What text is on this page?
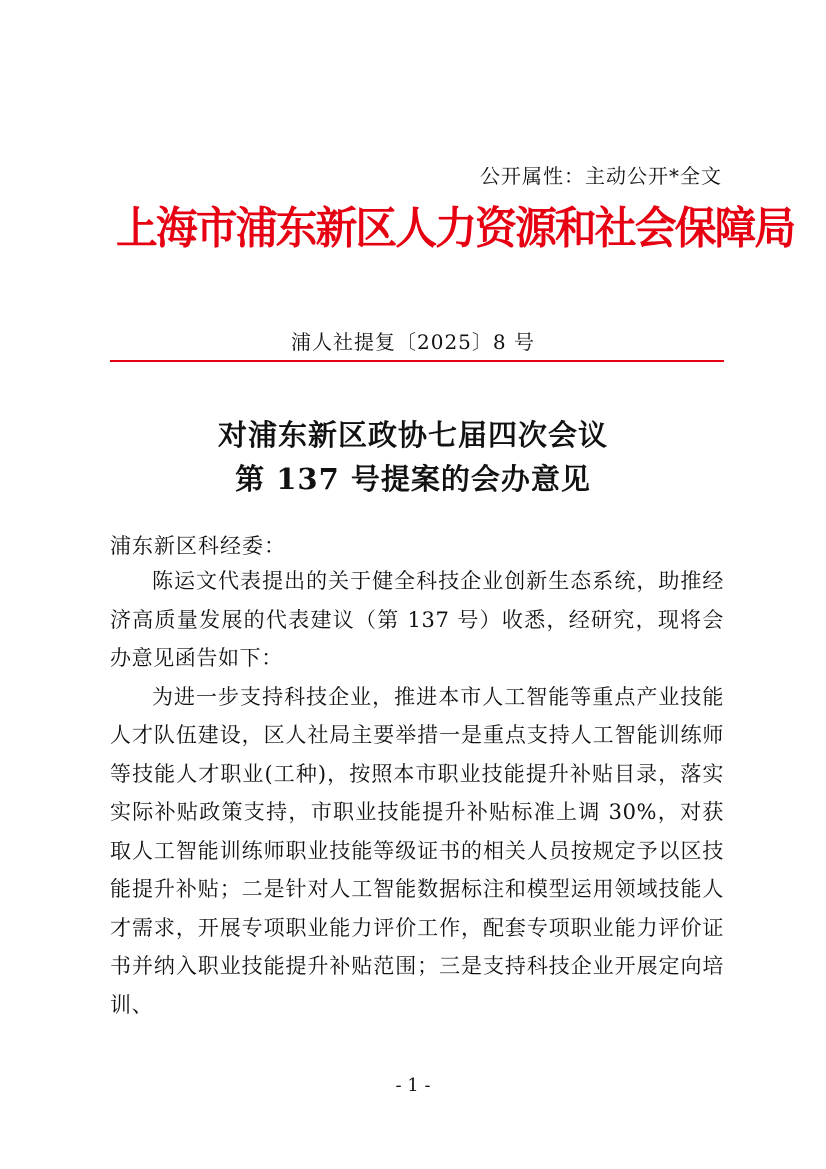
公开属性：主动公开*全文
上海市浦东新区人力资源和社会保障局
浦人社提复〔2025〕8 号
对浦东新区政协七届四次会议
第 137 号提案的会办意见
浦东新区科经委：

陈运文代表提出的关于健全科技企业创新生态系统，助推经济高质量发展的代表建议（第 137 号）收悉，经研究，现将会办意见函告如下：

为进一步支持科技企业，推进本市人工智能等重点产业技能人才队伍建设，区人社局主要举措一是重点支持人工智能训练师等技能人才职业(工种)，按照本市职业技能提升补贴目录，落实实际补贴政策支持，市职业技能提升补贴标准上调 30%，对获取人工智能训练师职业技能等级证书的相关人员按规定予以区技能提升补贴；二是针对人工智能数据标注和模型运用领域技能人才需求，开展专项职业能力评价工作，配套专项职业能力评价证书并纳入职业技能提升补贴范围；三是支持科技企业开展定向培训、

- 1 -
